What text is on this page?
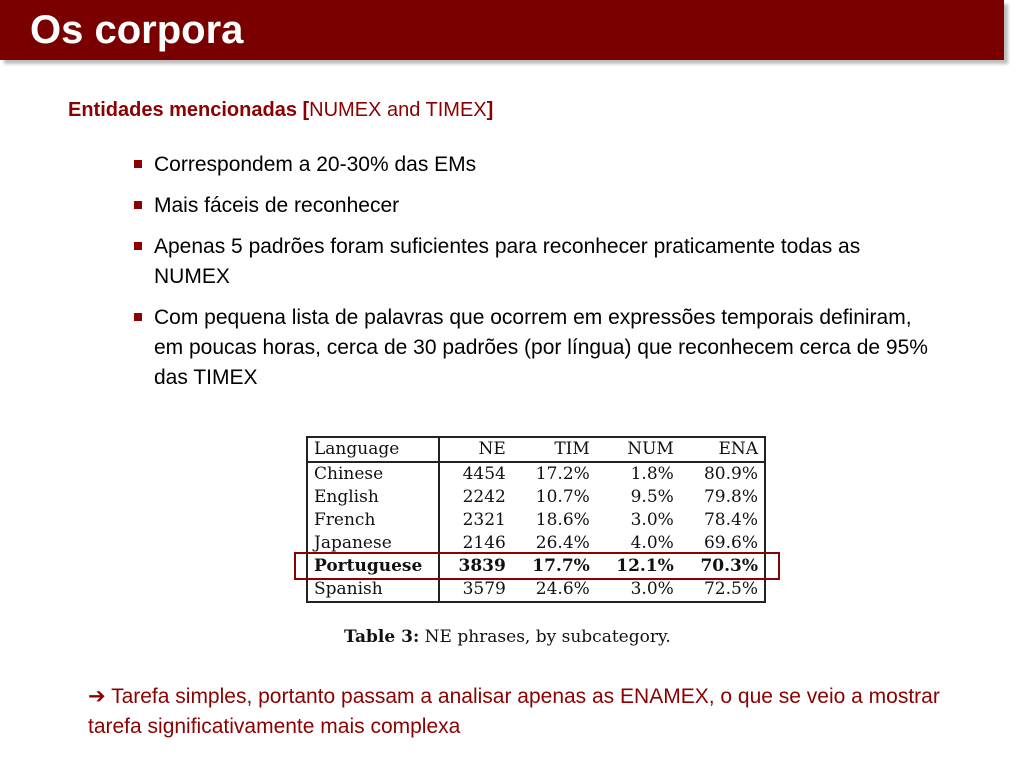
Os corpora
Entidades mencionadas [NUMEX and TIMEX]
Correspondem a 20-30% das EMs
Mais fáceis de reconhecer
Apenas 5 padrões foram suficientes para reconhecer praticamente todas as NUMEX
Com pequena lista de palavras que ocorrem em expressões temporais definiram, em poucas horas, cerca de 30 padrões (por língua) que reconhecem cerca de 95% das TIMEX
Language	NE	TIM	NUM	ENA
Chinese	4454	17.2%	1.8%	80.9%
English	2242	10.7%	9.5%	79.8%
French	2321	18.6%	3.0%	78.4%
Japanese	2146	26.4%	4.0%	69.6%
Portuguese	3839	17.7%	12.1%	70.3%
Spanish	3579	24.6%	3.0%	72.5%
Table 3: NE phrases, by subcategory.
➔ Tarefa simples, portanto passam a analisar apenas as ENAMEX, o que se veio a mostrar tarefa significativamente mais complexa
